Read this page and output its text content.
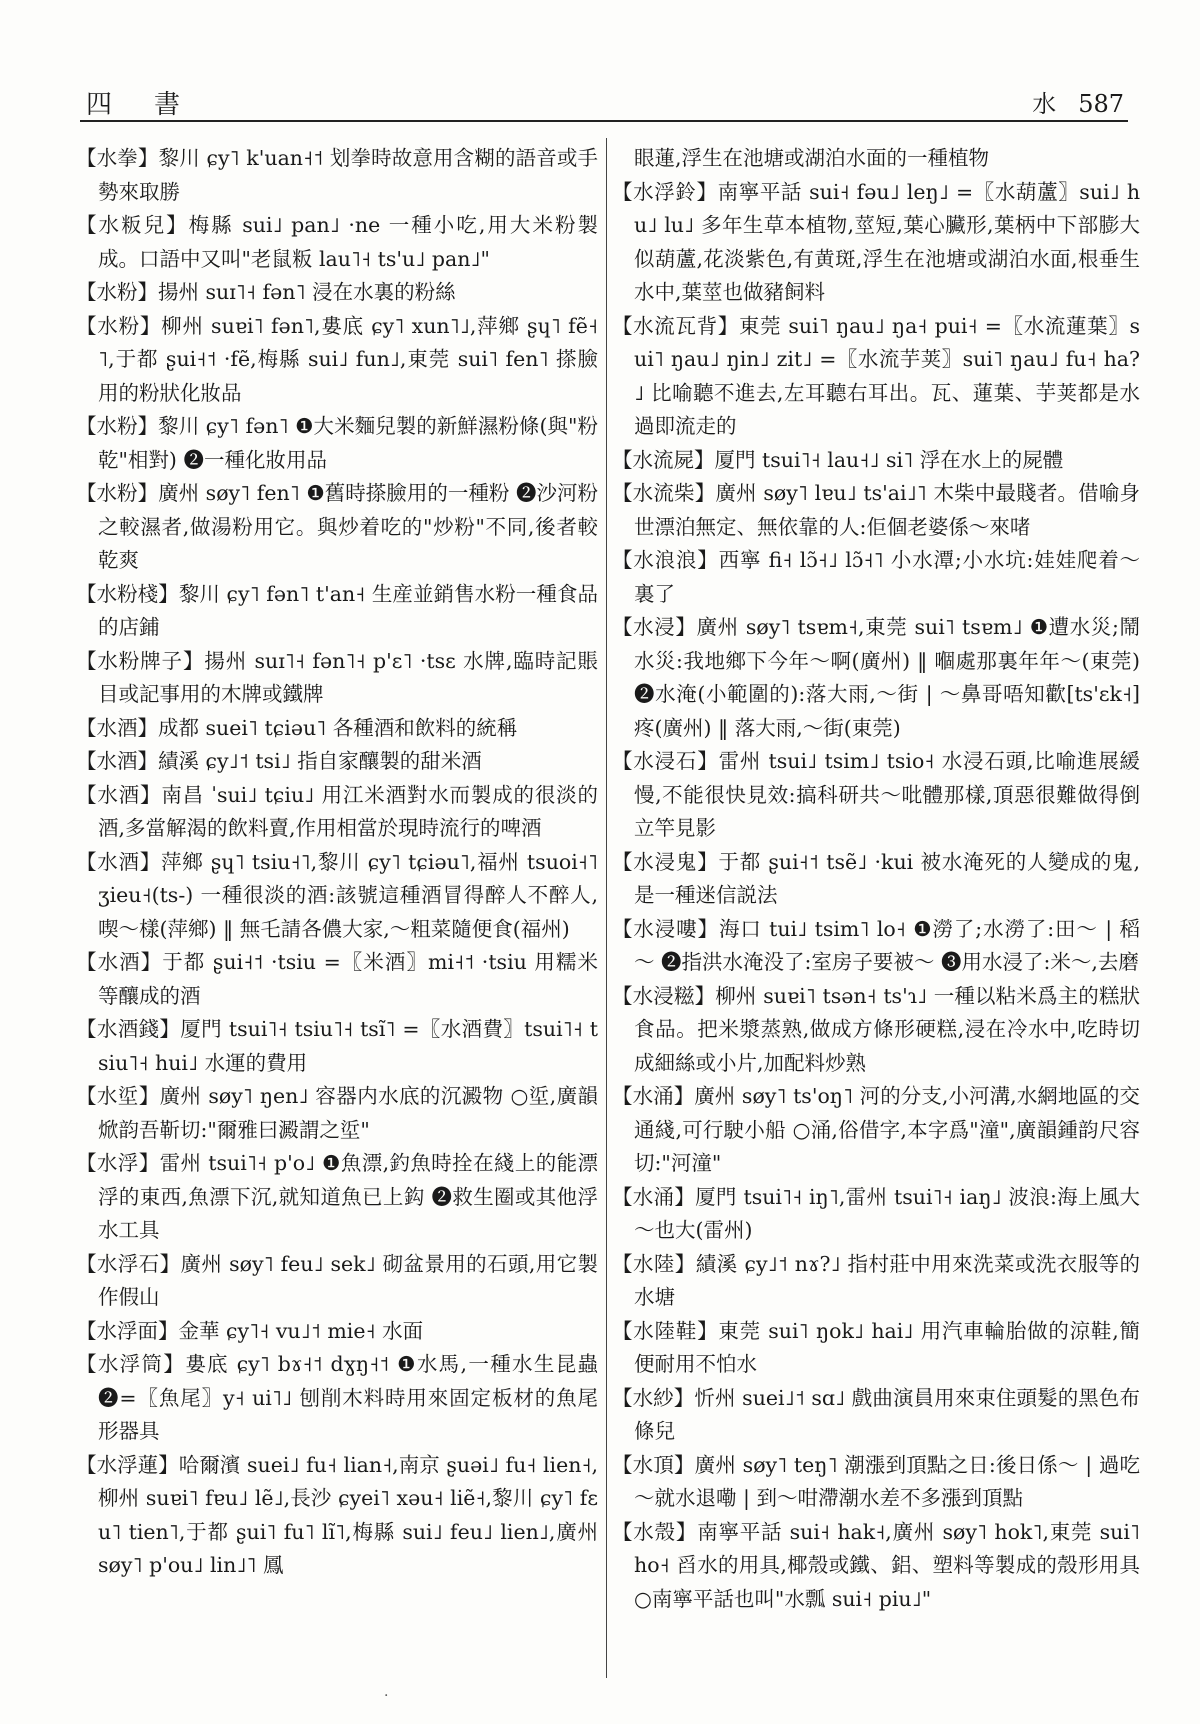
四　書	水 587

【 水拳 】 黎川 ɕy˥ k'uan˧˦ 划拳時故意用含糊的語音或手勢來取勝

【 水粄兒 】 梅縣 sui˩ pan˩ ·ne 一種小吃,用大米粉製成。口語中又叫"老鼠粄 lau˥˧ ts'u˩ pan˩"

【 水粉 】 揚州 suɪ˥˧ fən˥ 浸在水裏的粉絲

【 水粉 】 柳州 suɐi˥ fən˥,婁底 ɕy˥ xun˥˩,萍鄉 ʂɥ˥ fẽ˧˥,于都 ʂui˧˦ ·fẽ,梅縣 sui˩ fun˩,東莞 sui˥ fen˥ 搽臉用的粉狀化妝品

【 水粉 】 黎川 ɕy˥ fən˥ ❶大米麵兒製的新鮮濕粉條(與"粉乾"相對) ❷一種化妝用品

【 水粉 】 廣州 søy˥ fen˥ ❶舊時搽臉用的一種粉 ❷沙河粉之較濕者,做湯粉用它。與炒着吃的"炒粉"不同,後者較乾爽

【 水粉棧 】 黎川 ɕy˥ fən˥ t'an˧ 生産並銷售水粉一種食品的店鋪

【 水粉牌子 】 揚州 suɪ˥˧ fən˥˧ p'ɛ˥ ·tsɛ 水牌,臨時記賬目或記事用的木牌或鐵牌

【 水酒 】 成都 suei˥ tɕiəu˥ 各種酒和飲料的統稱

【 水酒 】 績溪 ɕy˩˦ tsi˩ 指自家釀製的甜米酒

【 水酒 】 南昌 ˈsui˩ tɕiu˩ 用江米酒對水而製成的很淡的酒,多當解渴的飲料賣,作用相當於現時流行的啤酒

【 水酒 】 萍鄉 ʂɥ˥ tsiu˧˥,黎川 ɕy˥ tɕiəu˥,福州 tsuoi˧˥ ʒieu˧(ts-) 一種很淡的酒:該號這種酒冒得醉人不醉人,喫～樣(萍鄉) ‖ 無乇請各儂大家,～粗菜隨便食(福州)

【 水酒 】 于都 ʂui˧˦ ·tsiu =〖米酒〗mi˧˦ ·tsiu 用糯米等釀成的酒

【 水酒錢 】 厦門 tsui˥˧ tsiu˥˧ tsĩ˥ =〖水酒費〗tsui˥˧ tsiu˥˧ hui˩ 水運的費用

【 水垽 】 廣州 søy˥ ŋen˩ 容器内水底的沉澱物 ○垽,廣韻焮韵吾靳切:"爾雅曰澱謂之垽"

【 水浮 】 雷州 tsui˥˧ p'o˩ ❶魚漂,釣魚時拴在綫上的能漂浮的東西,魚漂下沉,就知道魚已上鈎 ❷救生圈或其他浮水工具

【 水浮石 】 廣州 søy˥ feu˩ sek˩ 砌盆景用的石頭,用它製作假山

【 水浮面 】 金華 ɕy˥˧ vu˩˦ mie˧ 水面

【 水浮筒 】 婁底 ɕy˥ bɤ˧˦ dɣŋ˧˦ ❶水馬,一種水生昆蟲 ❷=〖魚尾〗y˧ ui˥˩ 刨削木料時用來固定板材的魚尾形器具

【 水浮蓮 】 哈爾濱 suei˩ fu˧ lian˧,南京 ʂuəi˩ fu˧ lien˧,柳州 suɐi˥ fɐu˩ lẽ˩,長沙 ɕyei˥ xəu˧ liẽ˧,黎川 ɕy˥ fɛu˥ tien˥,于都 ʂui˥ fu˥ lĩ˥,梅縣 sui˩ feu˩ lien˩,廣州 søy˥ p'ou˩ lin˩˥ 鳳

眼蓮,浮生在池塘或湖泊水面的一種植物

【 水浮鈴 】 南寧平話 sui˧ fəu˩ leŋ˩ =〖水葫蘆〗sui˩ hu˩ lu˩ 多年生草本植物,莖短,葉心臟形,葉柄中下部膨大似葫蘆,花淡紫色,有黄斑,浮生在池塘或湖泊水面,根垂生水中,葉莖也做豬飼料

【 水流瓦背 】 東莞 sui˥ ŋau˩ ŋa˧ pui˧ =〖水流蓮葉〗sui˥ ŋau˩ ŋin˩ zit˩ =〖水流芋荚〗sui˥ ŋau˩ fu˧ ha?˩ 比喻聽不進去,左耳聽右耳出。瓦、蓮葉、芋荚都是水過即流走的

【 水流屍 】 厦門 tsui˥˧ lau˧˩ si˥ 浮在水上的屍體

【 水流柴 】 廣州 søy˥ lɐu˩ ts'ai˩˥ 木柴中最賤者。借喻身世漂泊無定、無依靠的人:佢個老婆係～來啫

【 水浪浪 】 西寧 fi˧ lɔ̃˧˩ lɔ̃˧˥ 小水潭;小水坑:娃娃爬着～裏了

【 水浸 】 廣州 søy˥ tsɐm˧,東莞 sui˥ tsɐm˩ ❶遭水災;鬧水災:我地鄉下今年～啊(廣州) ‖ 嗰處那裏年年～(東莞) ❷水淹(小範圍的):落大雨,～街 | ～鼻哥唔知歡[ts'ɛk˧]疼(廣州) ‖ 落大雨,～街(東莞)

【 水浸石 】 雷州 tsui˩ tsim˩ tsio˧ 水浸石頭,比喻進展緩慢,不能很快見效:搞科研共～吡體那樣,頂惡很難做得倒立竿見影

【 水浸鬼 】 于都 ʂui˧˦ tsẽ˩ ·kui 被水淹死的人變成的鬼,是一種迷信説法

【 水浸嘍 】 海口 tui˩ tsim˥ lo˧ ❶澇了;水澇了:田～ | 稻～ ❷指洪水淹没了:室房子要被～ ❸用水浸了:米～,去磨

【 水浸糍 】 柳州 suɐi˥ tsən˧ ts'ɿ˩ 一種以粘米爲主的糕狀食品。把米漿蒸熟,做成方條形硬糕,浸在冷水中,吃時切成細絲或小片,加配料炒熟

【 水涌 】 廣州 søy˥ ts'oŋ˥ 河的分支,小河溝,水網地區的交通綫,可行駛小船 ○涌,俗借字,本字爲"潼",廣韻鍾韵尺容切:"河潼"

【 水涌 】 厦門 tsui˥˧ iŋ˥,雷州 tsui˥˧ iaŋ˩ 波浪:海上風大～也大(雷州)

【 水陸 】 績溪 ɕy˩˦ nɤ?˩ 指村莊中用來洗菜或洗衣服等的水塘

【 水陸鞋 】 東莞 sui˥ ŋok˩ hai˩ 用汽車輪胎做的涼鞋,簡便耐用不怕水

【 水紗 】 忻州 suei˩˦ sɑ˩ 戲曲演員用來束住頭髮的黑色布條兒

【 水頂 】 廣州 søy˥ teŋ˥ 潮漲到頂點之日:後日係～ | 過吃～就水退嘞 | 到～咁滯潮水差不多漲到頂點

【 水殼 】 南寧平話 sui˧ hak˧,廣州 søy˥ hok˥,東莞 sui˥ ho˧ 舀水的用具,椰殼或鐵、鋁、塑料等製成的殼形用具 ○南寧平話也叫"水瓢 sui˧ piu˩"

·
